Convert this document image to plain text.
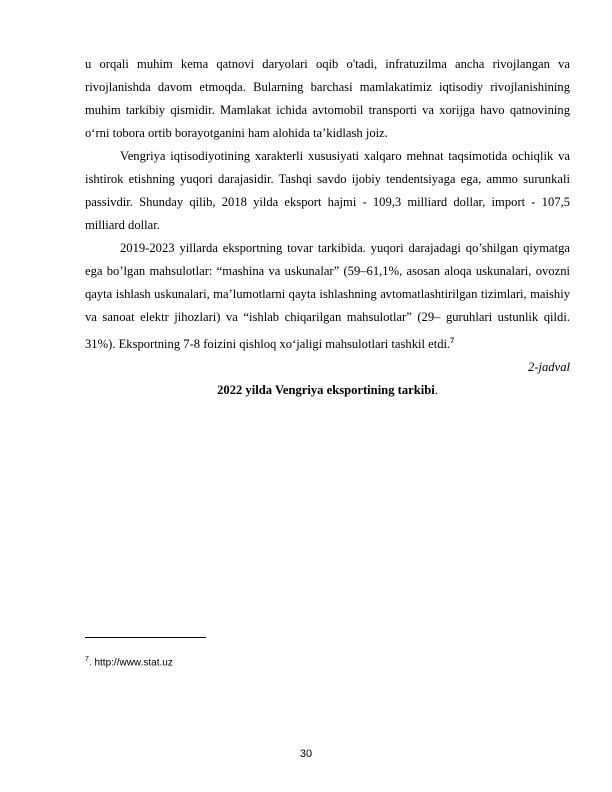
u orqali muhim kema qatnovi daryolari oqib o'tadi, infratuzilma ancha rivojlangan va rivojlanishda davom etmoqda. Bularning barchasi mamlakatimiz iqtisodiy rivojlanishining muhim tarkibiy qismidir. Mamlakat ichida avtomobil transporti va xorijga havo qatnovining o‘rni tobora ortib borayotganini ham alohida ta’kidlash joiz.

Vengriya iqtisodiyotining xarakterli xususiyati xalqaro mehnat taqsimotida ochiqlik va ishtirok etishning yuqori darajasidir. Tashqi savdo ijobiy tendentsiyaga ega, ammo surunkali passivdir. Shunday qilib, 2018 yilda eksport hajmi - 109,3 milliard dollar, import - 107,5 milliard dollar.

2019-2023 yillarda eksportning tovar tarkibida. yuqori darajadagi qo’shilgan qiymatga ega bo’lgan mahsulotlar: “mashina va uskunalar” (59–61,1%, asosan aloqa uskunalari, ovozni qayta ishlash uskunalari, ma’lumotlarni qayta ishlashning avtomatlashtirilgan tizimlari, maishiy va sanoat elektr jihozlari) va “ishlab chiqarilgan mahsulotlar” (29– guruhlari ustunlik qildi. 31%). Eksportning 7-8 foizini qishloq xo‘jaligi mahsulotlari tashkil etdi.$^7$

2-jadval

2022 yilda Vengriya eksportining tarkibi.

$^7$. http://www.stat.uz
30
